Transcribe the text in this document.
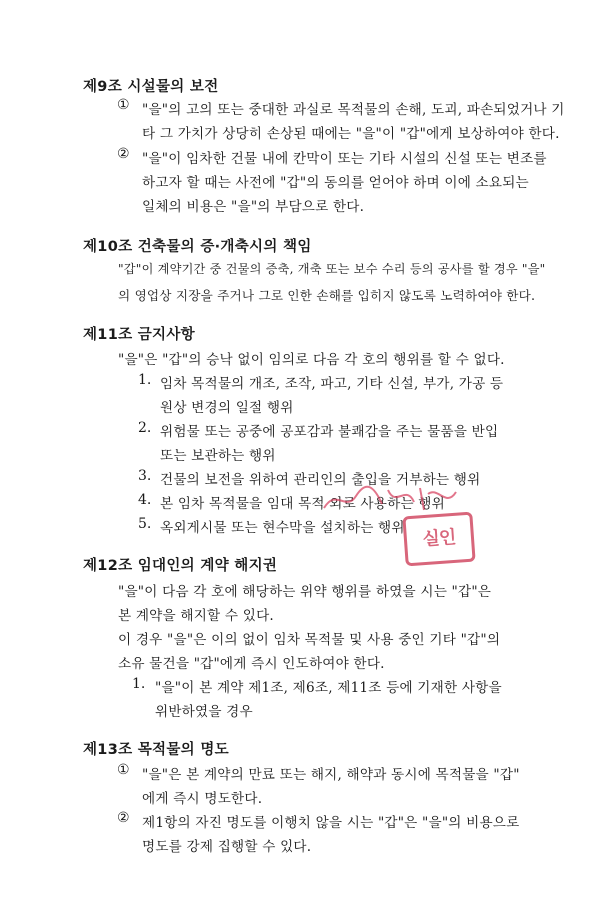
제9조 시설물의 보전
① "을"의 고의 또는 중대한 과실로 목적물의 손해, 도괴, 파손되었거나 기
타 그 가치가 상당히 손상된 때에는 "을"이 "갑"에게 보상하여야 한다.
② "을"이 임차한 건물 내에 칸막이 또는 기타 시설의 신설 또는 변조를
하고자 할 때는 사전에 "갑"의 동의를 얻어야 하며 이에 소요되는
일체의 비용은 "을"의 부담으로 한다.
제10조 건축물의 증·개축시의 책임
"갑"이 계약기간 중 건물의 증축, 개축 또는 보수 수리 등의 공사를 할 경우 "을"
의 영업상 지장을 주거나 그로 인한 손해를 입히지 않도록 노력하여야 한다.
제11조 금지사항
"을"은 "갑"의 승낙 없이 임의로 다음 각 호의 행위를 할 수 없다.
1. 임차 목적물의 개조, 조작, 파고, 기타 신설, 부가, 가공 등
원상 변경의 일절 행위
2. 위험물 또는 공중에 공포감과 불쾌감을 주는 물품을 반입
또는 보관하는 행위
3. 건물의 보전을 위하여 관리인의 출입을 거부하는 행위
4. 본 임차 목적물을 임대 목적 외로 사용하는 행위
5. 옥외게시물 또는 현수막을 설치하는 행위
제12조 임대인의 계약 해지권
"을"이 다음 각 호에 해당하는 위약 행위를 하였을 시는 "갑"은
본 계약을 해지할 수 있다.
이 경우 "을"은 이의 없이 임차 목적물 및 사용 중인 기타 "갑"의
소유 물건을 "갑"에게 즉시 인도하여야 한다.
1. "을"이 본 계약 제1조, 제6조, 제11조 등에 기재한 사항을
위반하였을 경우
제13조 목적물의 명도
① "을"은 본 계약의 만료 또는 해지, 해약과 동시에 목적물을 "갑"
에게 즉시 명도한다.
② 제1항의 자진 명도를 이행치 않을 시는 "갑"은 "을"의 비용으로
명도를 강제 집행할 수 있다.
실인
